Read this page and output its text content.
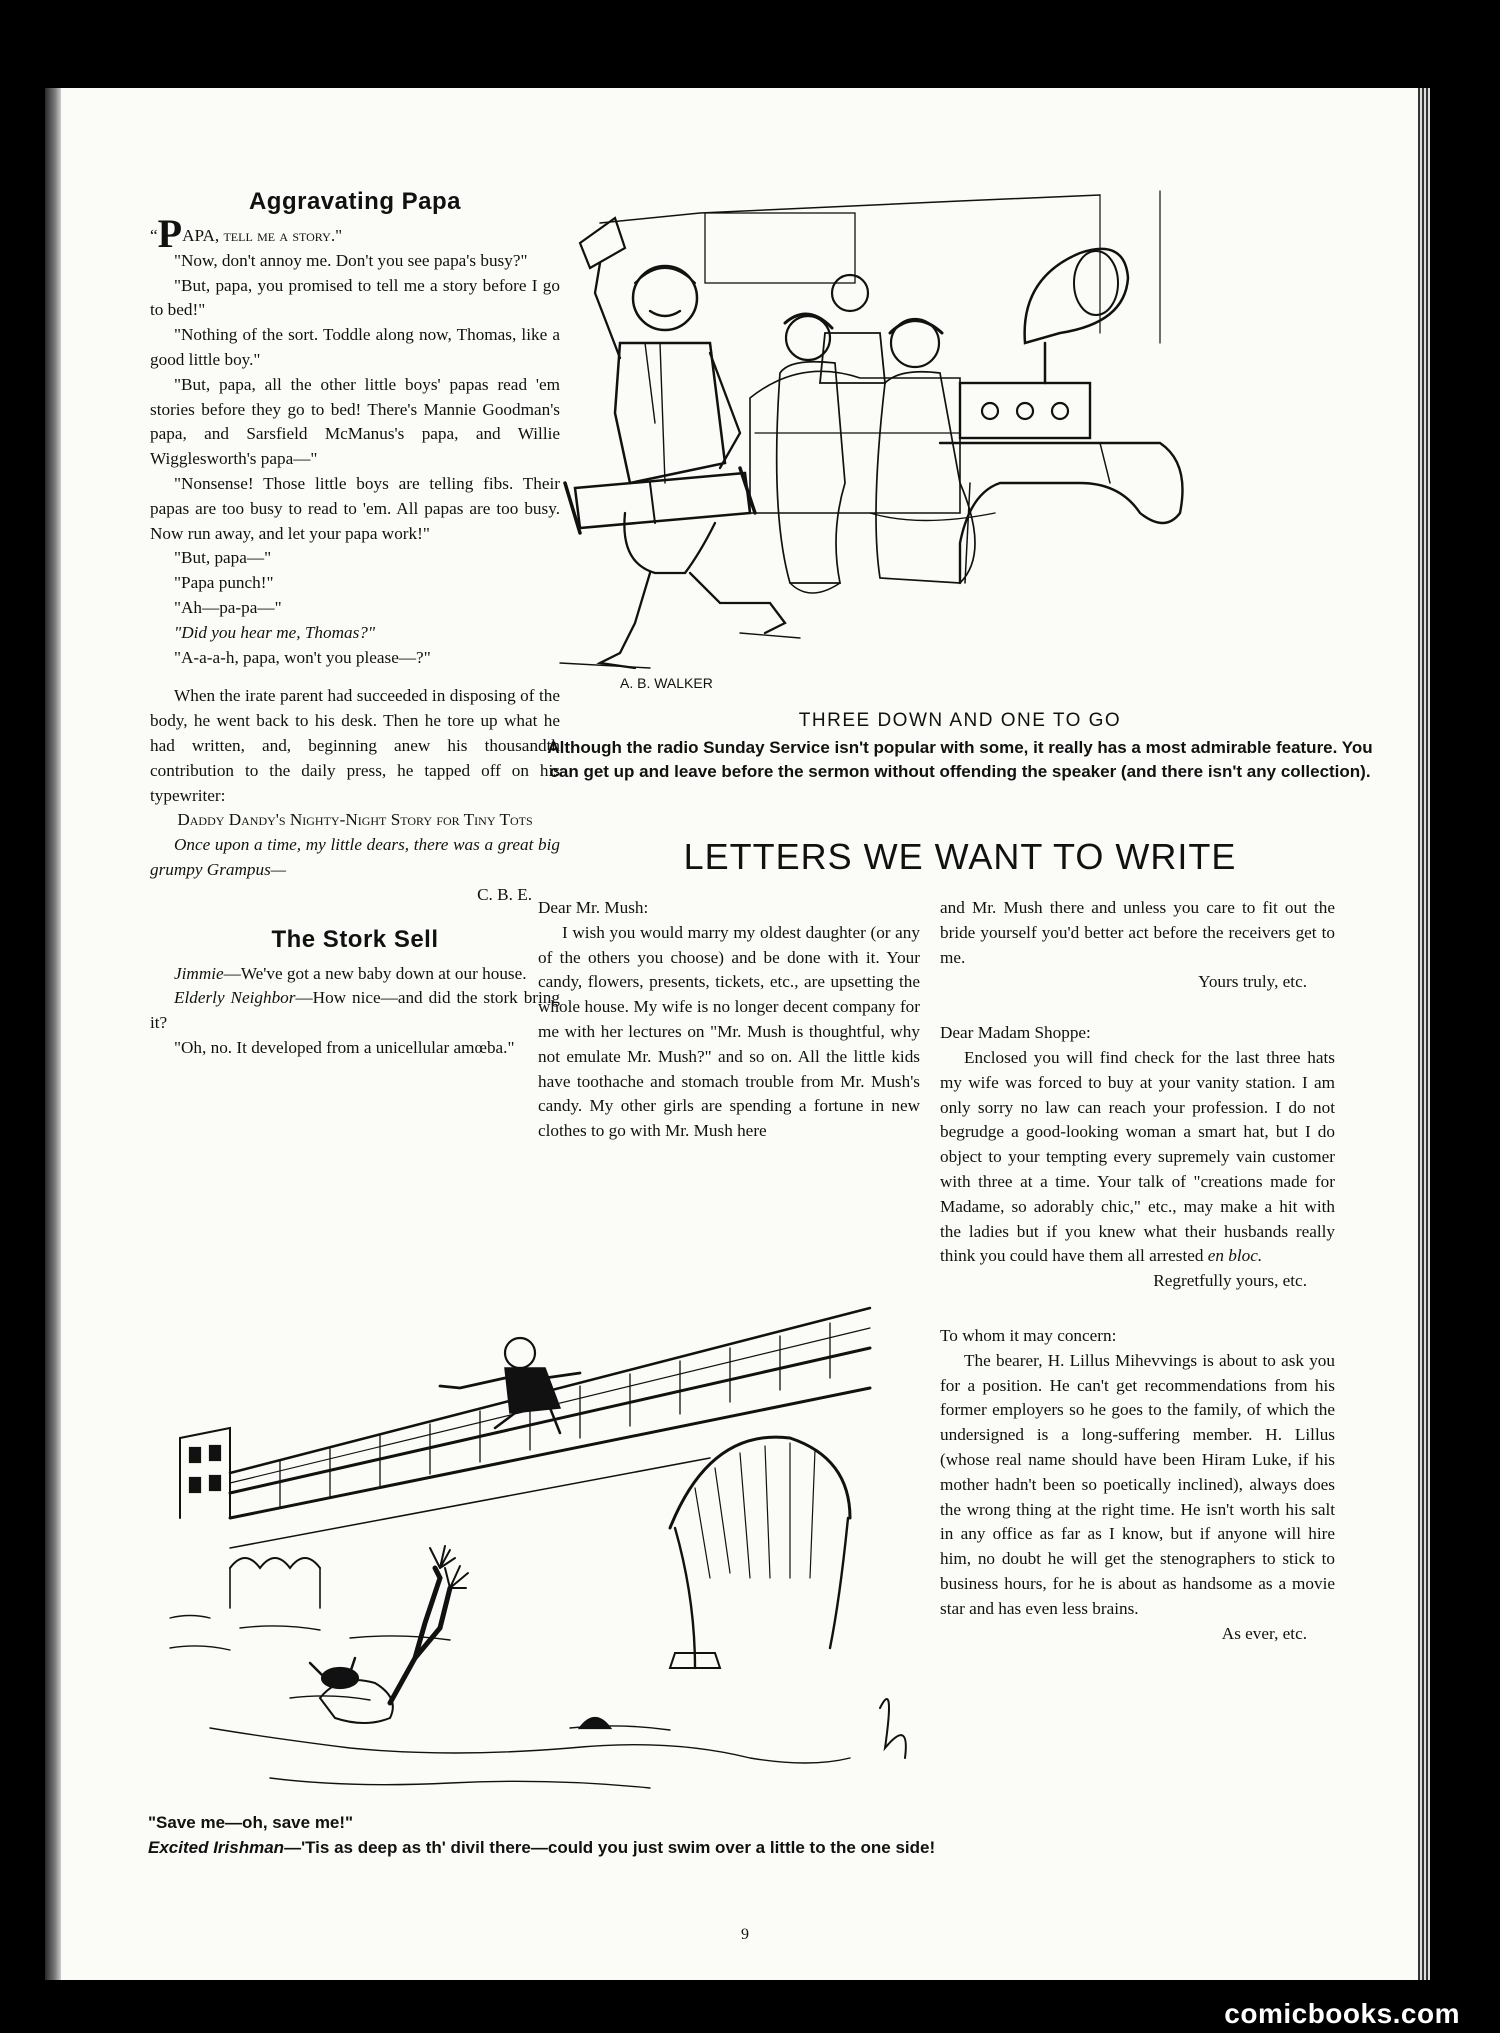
Aggravating Papa

“PAPA, tell me a story."

"Now, don't annoy me. Don't you see papa's busy?"

"But, papa, you promised to tell me a story before I go to bed!"

"Nothing of the sort. Toddle along now, Thomas, like a good little boy."

"But, papa, all the other little boys' papas read 'em stories before they go to bed! There's Mannie Goodman's papa, and Sarsfield McManus's papa, and Willie Wigglesworth's papa—"

"Nonsense! Those little boys are telling fibs. Their papas are too busy to read to 'em. All papas are too busy. Now run away, and let your papa work!"

"But, papa—"

"Papa punch!"

"Ah—pa-pa—"

"Did you hear me, Thomas?"

"A-a-a-h, papa, won't you please—?"

When the irate parent had succeeded in disposing of the body, he went back to his desk. Then he tore up what he had written, and, beginning anew his thousandth contribution to the daily press, he tapped off on his typewriter:

Daddy Dandy's Nighty-Night Story for Tiny Tots

Once upon a time, my little dears, there was a great big grumpy Grampus—

C. B. E.

The Stork Sell

Jimmie—We've got a new baby down at our house.

Elderly Neighbor—How nice—and did the stork bring it?

"Oh, no. It developed from a unicellular amœba."

A. B. WALKER
THREE DOWN AND ONE TO GO
Although the radio Sunday Service isn't popular with some, it really has a most admirable feature. You can get up and leave before the sermon without offending the speaker (and there isn't any collection).
LETTERS WE WANT TO WRITE

Dear Mr. Mush:

I wish you would marry my oldest daughter (or any of the others you choose) and be done with it. Your candy, flowers, presents, tickets, etc., are upsetting the whole house. My wife is no longer decent company for me with her lectures on "Mr. Mush is thoughtful, why not emulate Mr. Mush?" and so on. All the little kids have toothache and stomach trouble from Mr. Mush's candy. My other girls are spending a fortune in new clothes to go with Mr. Mush here

and Mr. Mush there and unless you care to fit out the bride yourself you'd better act before the receivers get to me.

Yours truly, etc.

Dear Madam Shoppe:

Enclosed you will find check for the last three hats my wife was forced to buy at your vanity station. I am only sorry no law can reach your profession. I do not begrudge a good-looking woman a smart hat, but I do object to your tempting every supremely vain customer with three at a time. Your talk of "creations made for Madame, so adorably chic," etc., may make a hit with the ladies but if you knew what their husbands really think you could have them all arrested en bloc.

Regretfully yours, etc.

To whom it may concern:

The bearer, H. Lillus Mihevvings is about to ask you for a position. He can't get recommendations from his former employers so he goes to the family, of which the undersigned is a long-suffering member. H. Lillus (whose real name should have been Hiram Luke, if his mother hadn't been so poetically inclined), always does the wrong thing at the right time. He isn't worth his salt in any office as far as I know, but if anyone will hire him, no doubt he will get the stenographers to stick to business hours, for he is about as handsome as a movie star and has even less brains.

As ever, etc.

"Save me—oh, save me!"
Excited Irishman—'Tis as deep as th' divil there—could you just swim over a little to the one side!
9
comicbooks.com
